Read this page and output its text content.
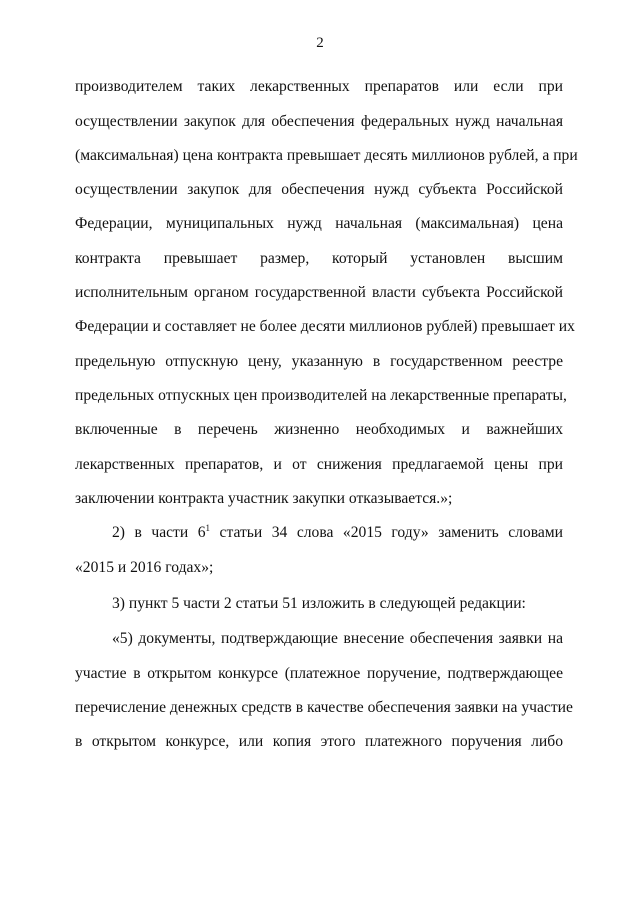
2
производителем таких лекарственных препаратов или если при
осуществлении закупок для обеспечения федеральных нужд начальная
(максимальная) цена контракта превышает десять миллионов рублей, а при
осуществлении закупок для обеспечения нужд субъекта Российской
Федерации, муниципальных нужд начальная (максимальная) цена
контракта превышает размер, который установлен высшим
исполнительным органом государственной власти субъекта Российской
Федерации и составляет не более десяти миллионов рублей) превышает их
предельную отпускную цену, указанную в государственном реестре
предельных отпускных цен производителей на лекарственные препараты,
включенные в перечень жизненно необходимых и важнейших
лекарственных препаратов, и от снижения предлагаемой цены при
заключении контракта участник закупки отказывается.»;
2) в части $6^1$ статьи 34 слова «2015 году» заменить словами
«2015 и 2016 годах»;
3) пункт 5 части 2 статьи 51 изложить в следующей редакции:
«5) документы, подтверждающие внесение обеспечения заявки на
участие в открытом конкурсе (платежное поручение, подтверждающее
перечисление денежных средств в качестве обеспечения заявки на участие
в открытом конкурсе, или копия этого платежного поручения либо
